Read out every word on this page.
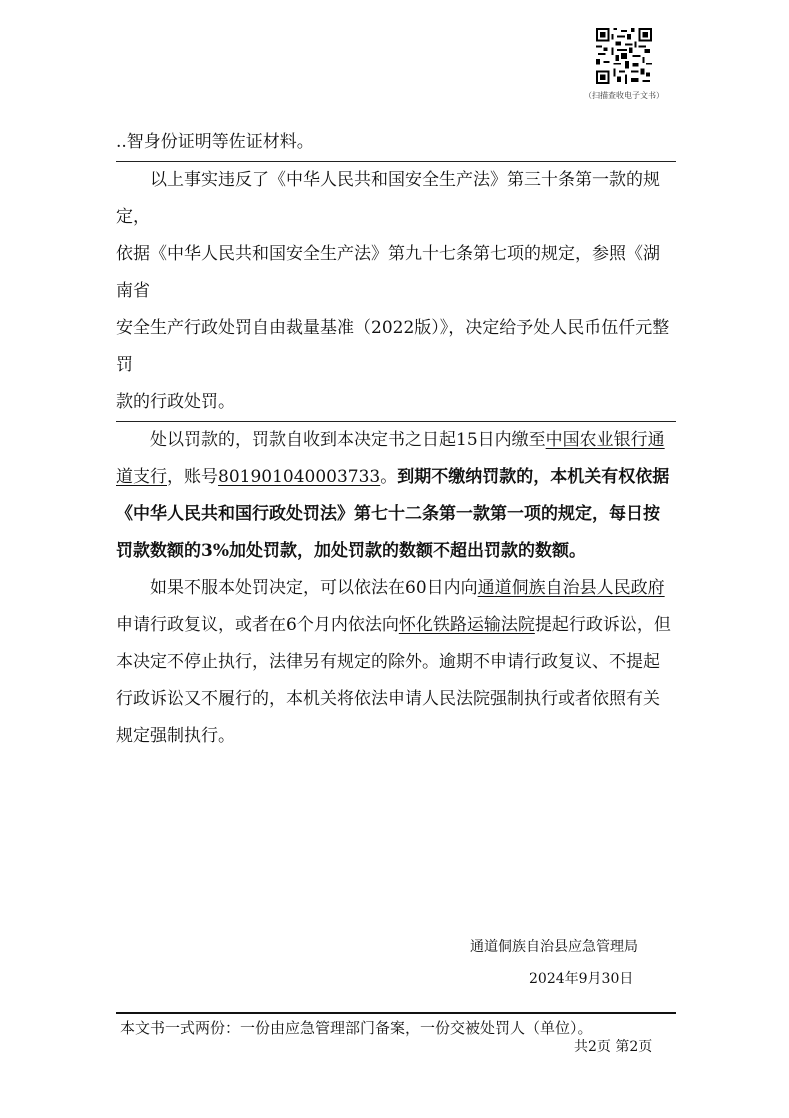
（扫描查收电子文书）

..智身份证明等佐证材料。

以上事实违反了《中华人民共和国安全生产法》第三十条第一款的规定，

依据《中华人民共和国安全生产法》第九十七条第七项的规定，参照《湖南省

安全生产行政处罚自由裁量基准（2022版）》，决定给予处人民币伍仟元整罚

款的行政处罚。

处以罚款的，罚款自收到本决定书之日起15日内缴至中国农业银行通道支行，账号801901040003733。到期不缴纳罚款的，本机关有权依据《中华人民共和国行政处罚法》第七十二条第一款第一项的规定，每日按罚款数额的3%加处罚款，加处罚款的数额不超出罚款的数额。

如果不服本处罚决定，可以依法在60日内向通道侗族自治县人民政府申请行政复议，或者在6个月内依法向怀化铁路运输法院提起行政诉讼，但本决定不停止执行，法律另有规定的除外。逾期不申请行政复议、不提起行政诉讼又不履行的，本机关将依法申请人民法院强制执行或者依照有关规定强制执行。

通道侗族自治县应急管理局
2024年9月30日
本文书一式两份：一份由应急管理部门备案，一份交被处罚人（单位）。
共2页 第2页
